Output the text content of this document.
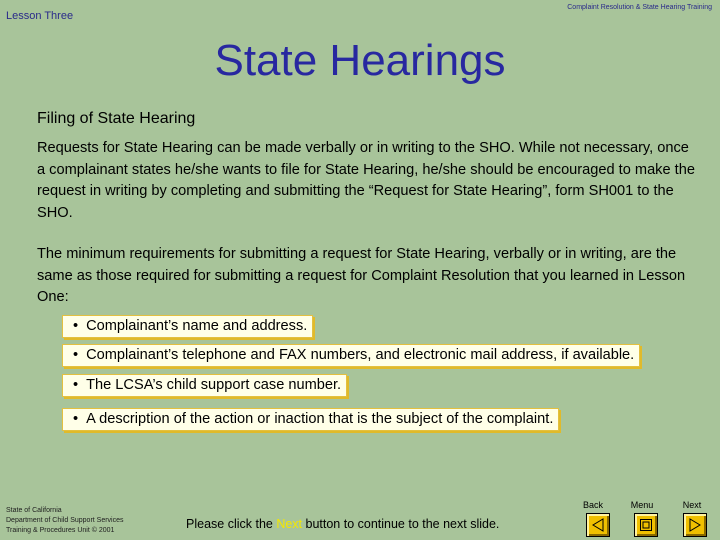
Lesson Three
Complaint Resolution & State Hearing Training
State Hearings
Filing of State Hearing
Requests for State Hearing can be made verbally or in writing to the SHO. While not necessary, once a complainant states he/she wants to file for State Hearing, he/she should be encouraged to make the request in writing by completing and submitting the “Request for State Hearing”, form SH001 to the SHO.
The minimum requirements for submitting a request for State Hearing, verbally or in writing, are the same as those required for submitting a request for Complaint Resolution that you learned in Lesson One:
• Complainant’s name and address.
• Complainant’s telephone and FAX numbers, and electronic mail address, if available.
• The LCSA’s child support case number.
• A description of the action or inaction that is the subject of the complaint.
State of California
Department of Child Support Services
Training & Procedures Unit © 2001	Please click the Next button to continue to the next slide.
Back	Menu	Next
